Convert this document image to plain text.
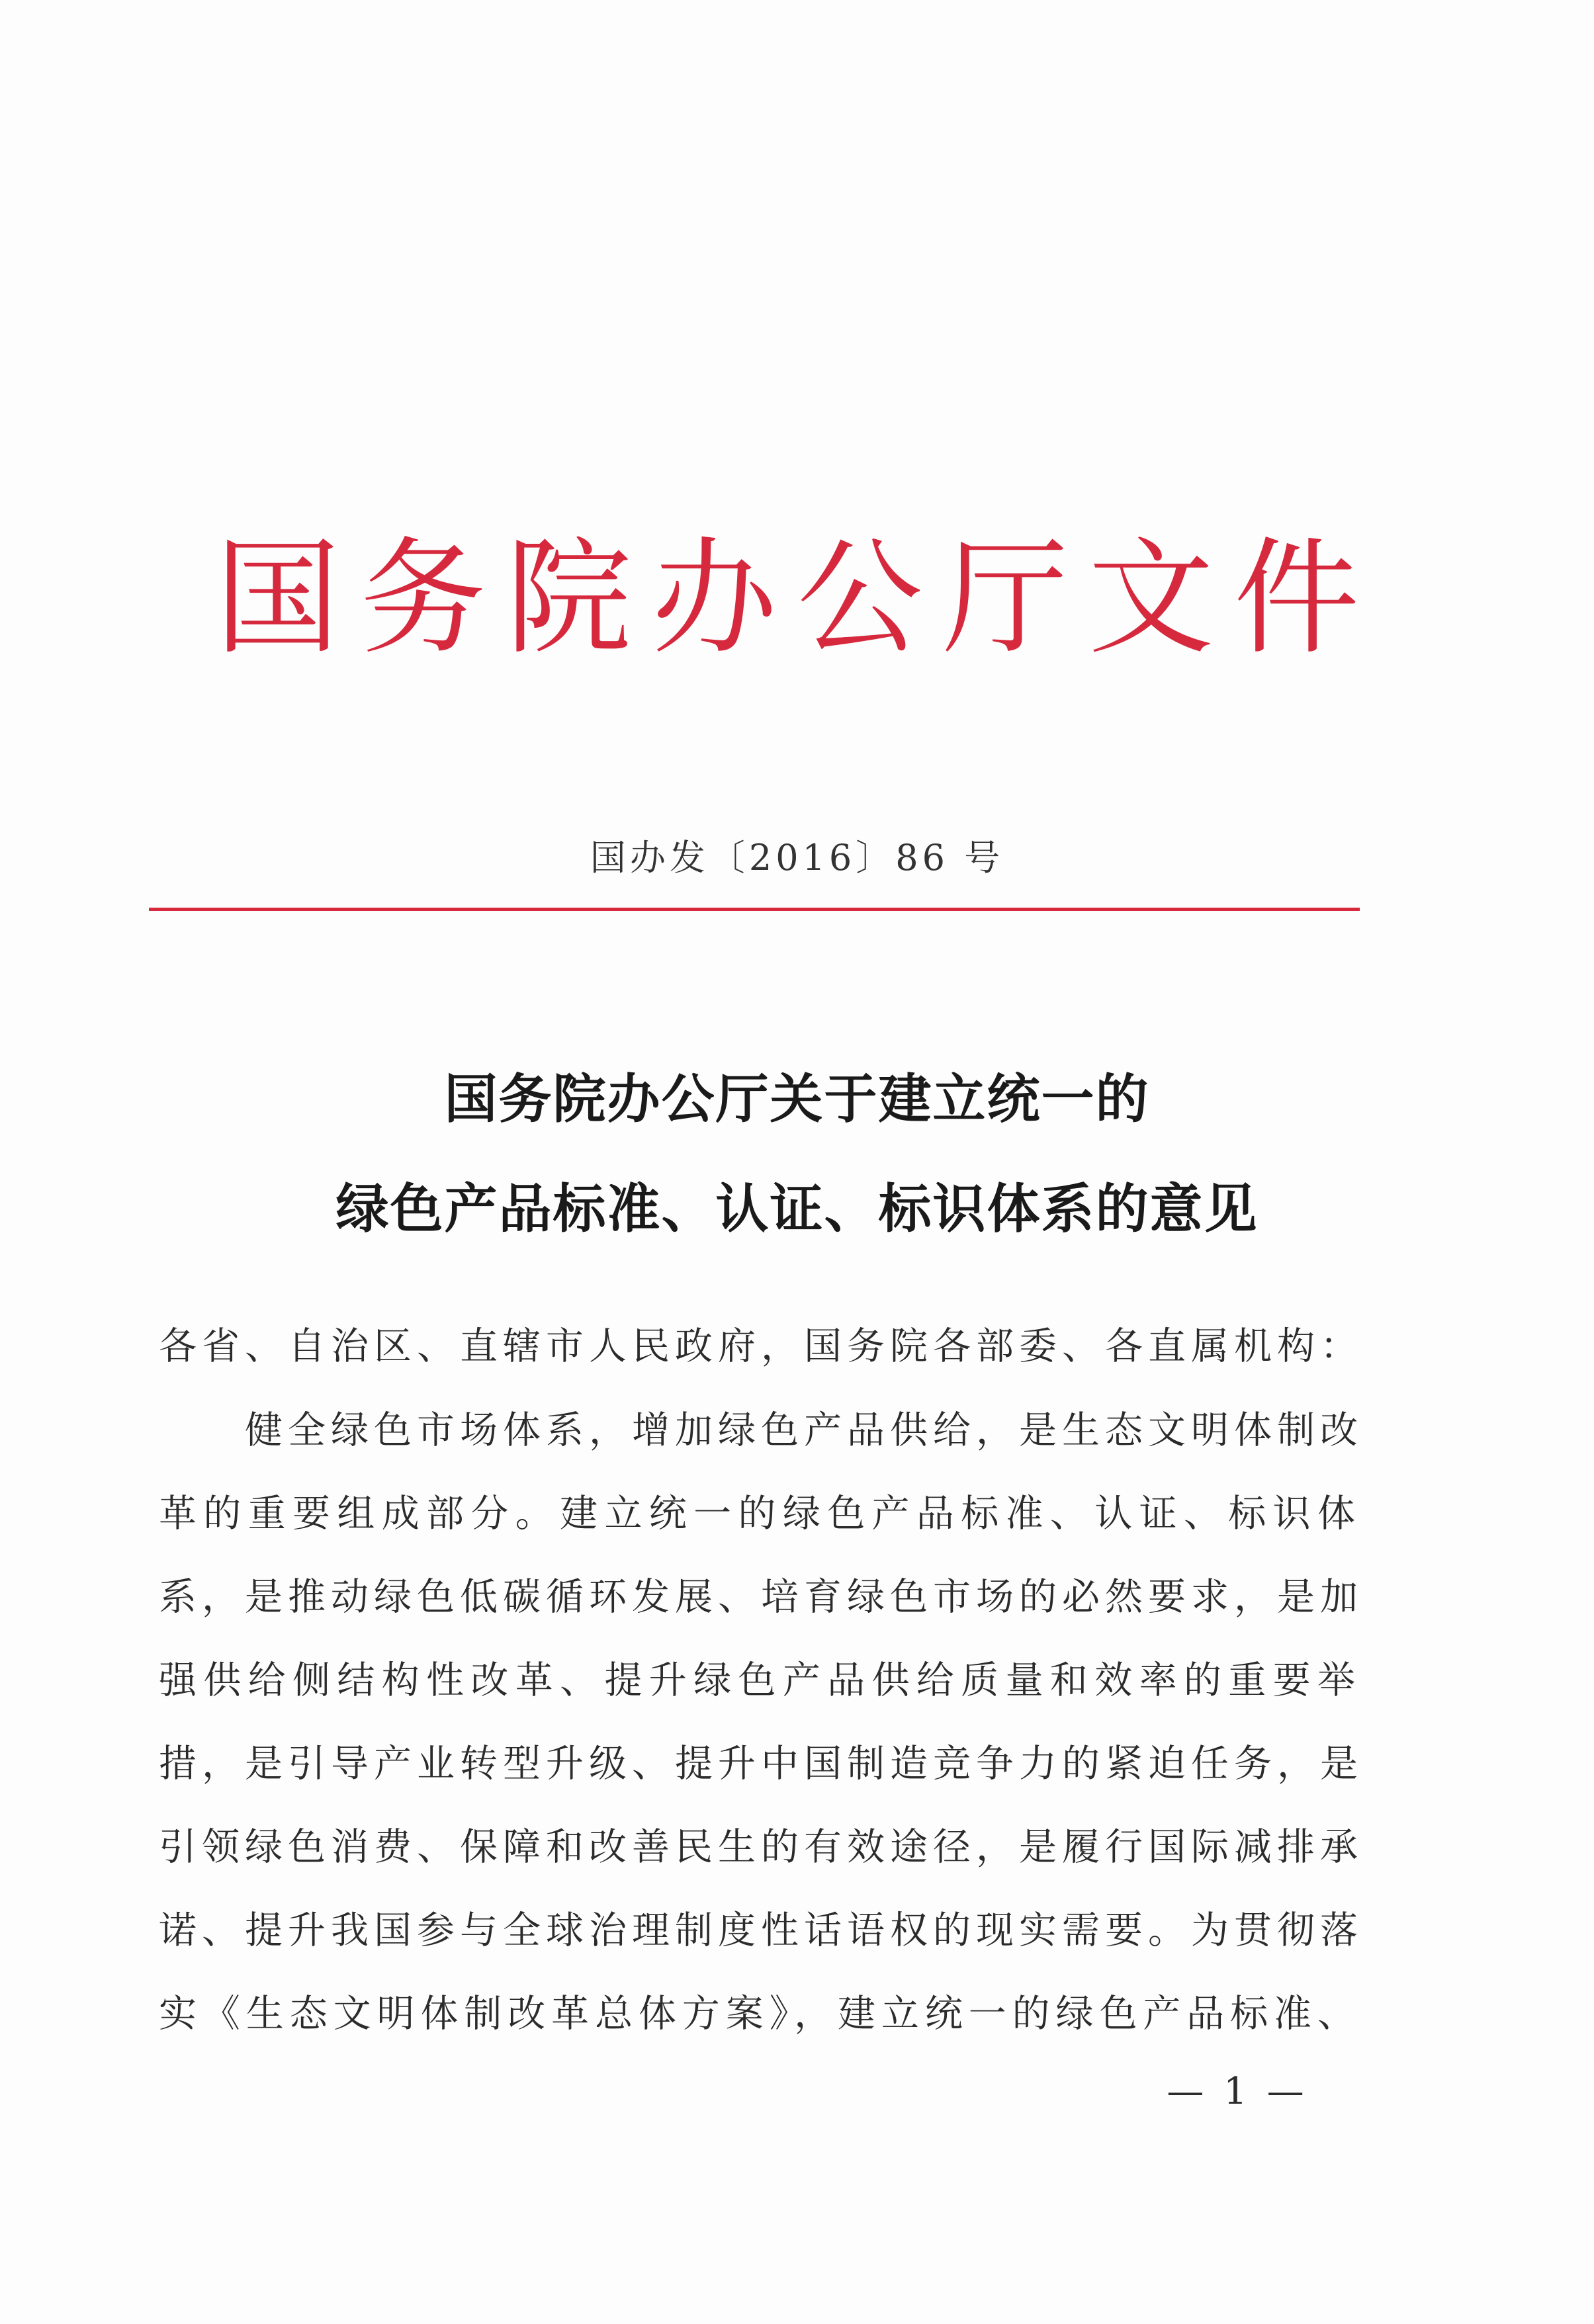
国务院办公厅文件
国办发〔2016〕86 号
国务院办公厅关于建立统一的
绿色产品标准、认证、标识体系的意见
各省、自治区、直辖市人民政府，国务院各部委、各直属机构：
健全绿色市场体系，增加绿色产品供给，是生态文明体制改
革的重要组成部分。建立统一的绿色产品标准、认证、标识体
系，是推动绿色低碳循环发展、培育绿色市场的必然要求，是加
强供给侧结构性改革、提升绿色产品供给质量和效率的重要举
措，是引导产业转型升级、提升中国制造竞争力的紧迫任务，是
引领绿色消费、保障和改善民生的有效途径，是履行国际减排承
诺、提升我国参与全球治理制度性话语权的现实需要。为贯彻落
实《生态文明体制改革总体方案》，建立统一的绿色产品标准、
— 1 —
